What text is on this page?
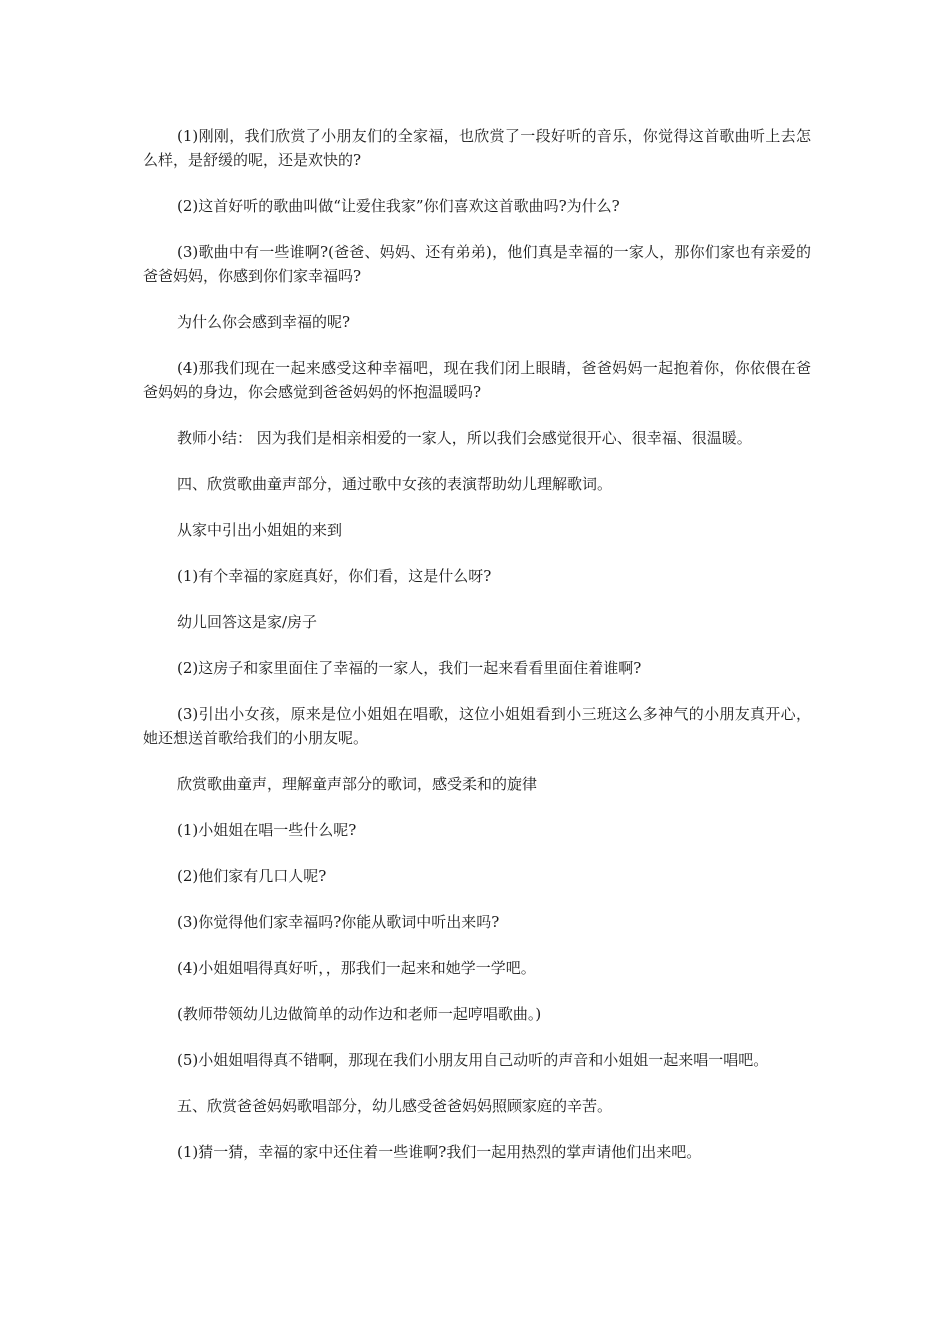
(1)刚刚，我们欣赏了小朋友们的全家福，也欣赏了一段好听的音乐，你觉得这首歌曲听上去怎么样，是舒缓的呢，还是欢快的?

(2)这首好听的歌曲叫做“让爱住我家”你们喜欢这首歌曲吗?为什么?

(3)歌曲中有一些谁啊?(爸爸、妈妈、还有弟弟)，他们真是幸福的一家人，那你们家也有亲爱的爸爸妈妈，你感到你们家幸福吗?

为什么你会感到幸福的呢?

(4)那我们现在一起来感受这种幸福吧，现在我们闭上眼睛，爸爸妈妈一起抱着你，你依偎在爸爸妈妈的身边，你会感觉到爸爸妈妈的怀抱温暖吗?

教师小结： 因为我们是相亲相爱的一家人，所以我们会感觉很开心、很幸福、很温暖。

四、欣赏歌曲童声部分，通过歌中女孩的表演帮助幼儿理解歌词。

从家中引出小姐姐的来到

(1)有个幸福的家庭真好，你们看，这是什么呀?

幼儿回答这是家/房子

(2)这房子和家里面住了幸福的一家人，我们一起来看看里面住着谁啊?

(3)引出小女孩，原来是位小姐姐在唱歌，这位小姐姐看到小三班这么多神气的小朋友真开心，她还想送首歌给我们的小朋友呢。

欣赏歌曲童声，理解童声部分的歌词，感受柔和的旋律

(1)小姐姐在唱一些什么呢?

(2)他们家有几口人呢?

(3)你觉得他们家幸福吗?你能从歌词中听出来吗?

(4)小姐姐唱得真好听，，那我们一起来和她学一学吧。

(教师带领幼儿边做简单的动作边和老师一起哼唱歌曲。)

(5)小姐姐唱得真不错啊，那现在我们小朋友用自己动听的声音和小姐姐一起来唱一唱吧。

五、欣赏爸爸妈妈歌唱部分，幼儿感受爸爸妈妈照顾家庭的辛苦。

(1)猜一猜，幸福的家中还住着一些谁啊?我们一起用热烈的掌声请他们出来吧。
